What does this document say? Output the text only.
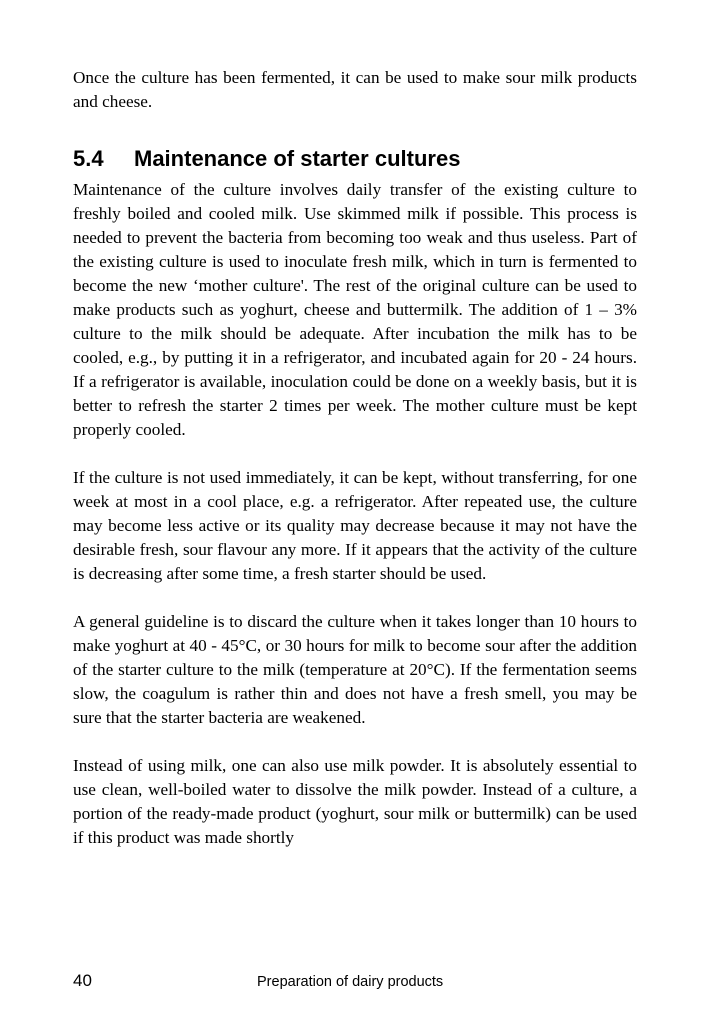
Once the culture has been fermented, it can be used to make sour milk products and cheese.

5.4	Maintenance of starter cultures

Maintenance of the culture involves daily transfer of the existing culture to freshly boiled and cooled milk. Use skimmed milk if possible. This process is needed to prevent the bacteria from becoming too weak and thus useless. Part of the existing culture is used to inoculate fresh milk, which in turn is fermented to become the new ‘mother culture'. The rest of the original culture can be used to make products such as yoghurt, cheese and buttermilk. The addition of 1 – 3% culture to the milk should be adequate. After incubation the milk has to be cooled, e.g., by putting it in a refrigerator, and incubated again for 20 - 24 hours. If a refrigerator is available, inoculation could be done on a weekly basis, but it is better to refresh the starter 2 times per week. The mother culture must be kept properly cooled.

If the culture is not used immediately, it can be kept, without transferring, for one week at most in a cool place, e.g. a refrigerator. After repeated use, the culture may become less active or its quality may decrease because it may not have the desirable fresh, sour flavour any more. If it appears that the activity of the culture is decreasing after some time, a fresh starter should be used.

A general guideline is to discard the culture when it takes longer than 10 hours to make yoghurt at 40 - 45°C, or 30 hours for milk to become sour after the addition of the starter culture to the milk (temperature at 20°C). If the fermentation seems slow, the coagulum is rather thin and does not have a fresh smell, you may be sure that the starter bacteria are weakened.

Instead of using milk, one can also use milk powder. It is absolutely essential to use clean, well-boiled water to dissolve the milk powder. Instead of a culture, a portion of the ready-made product (yoghurt, sour milk or buttermilk) can be used if this product was made shortly

40	Preparation of dairy products
